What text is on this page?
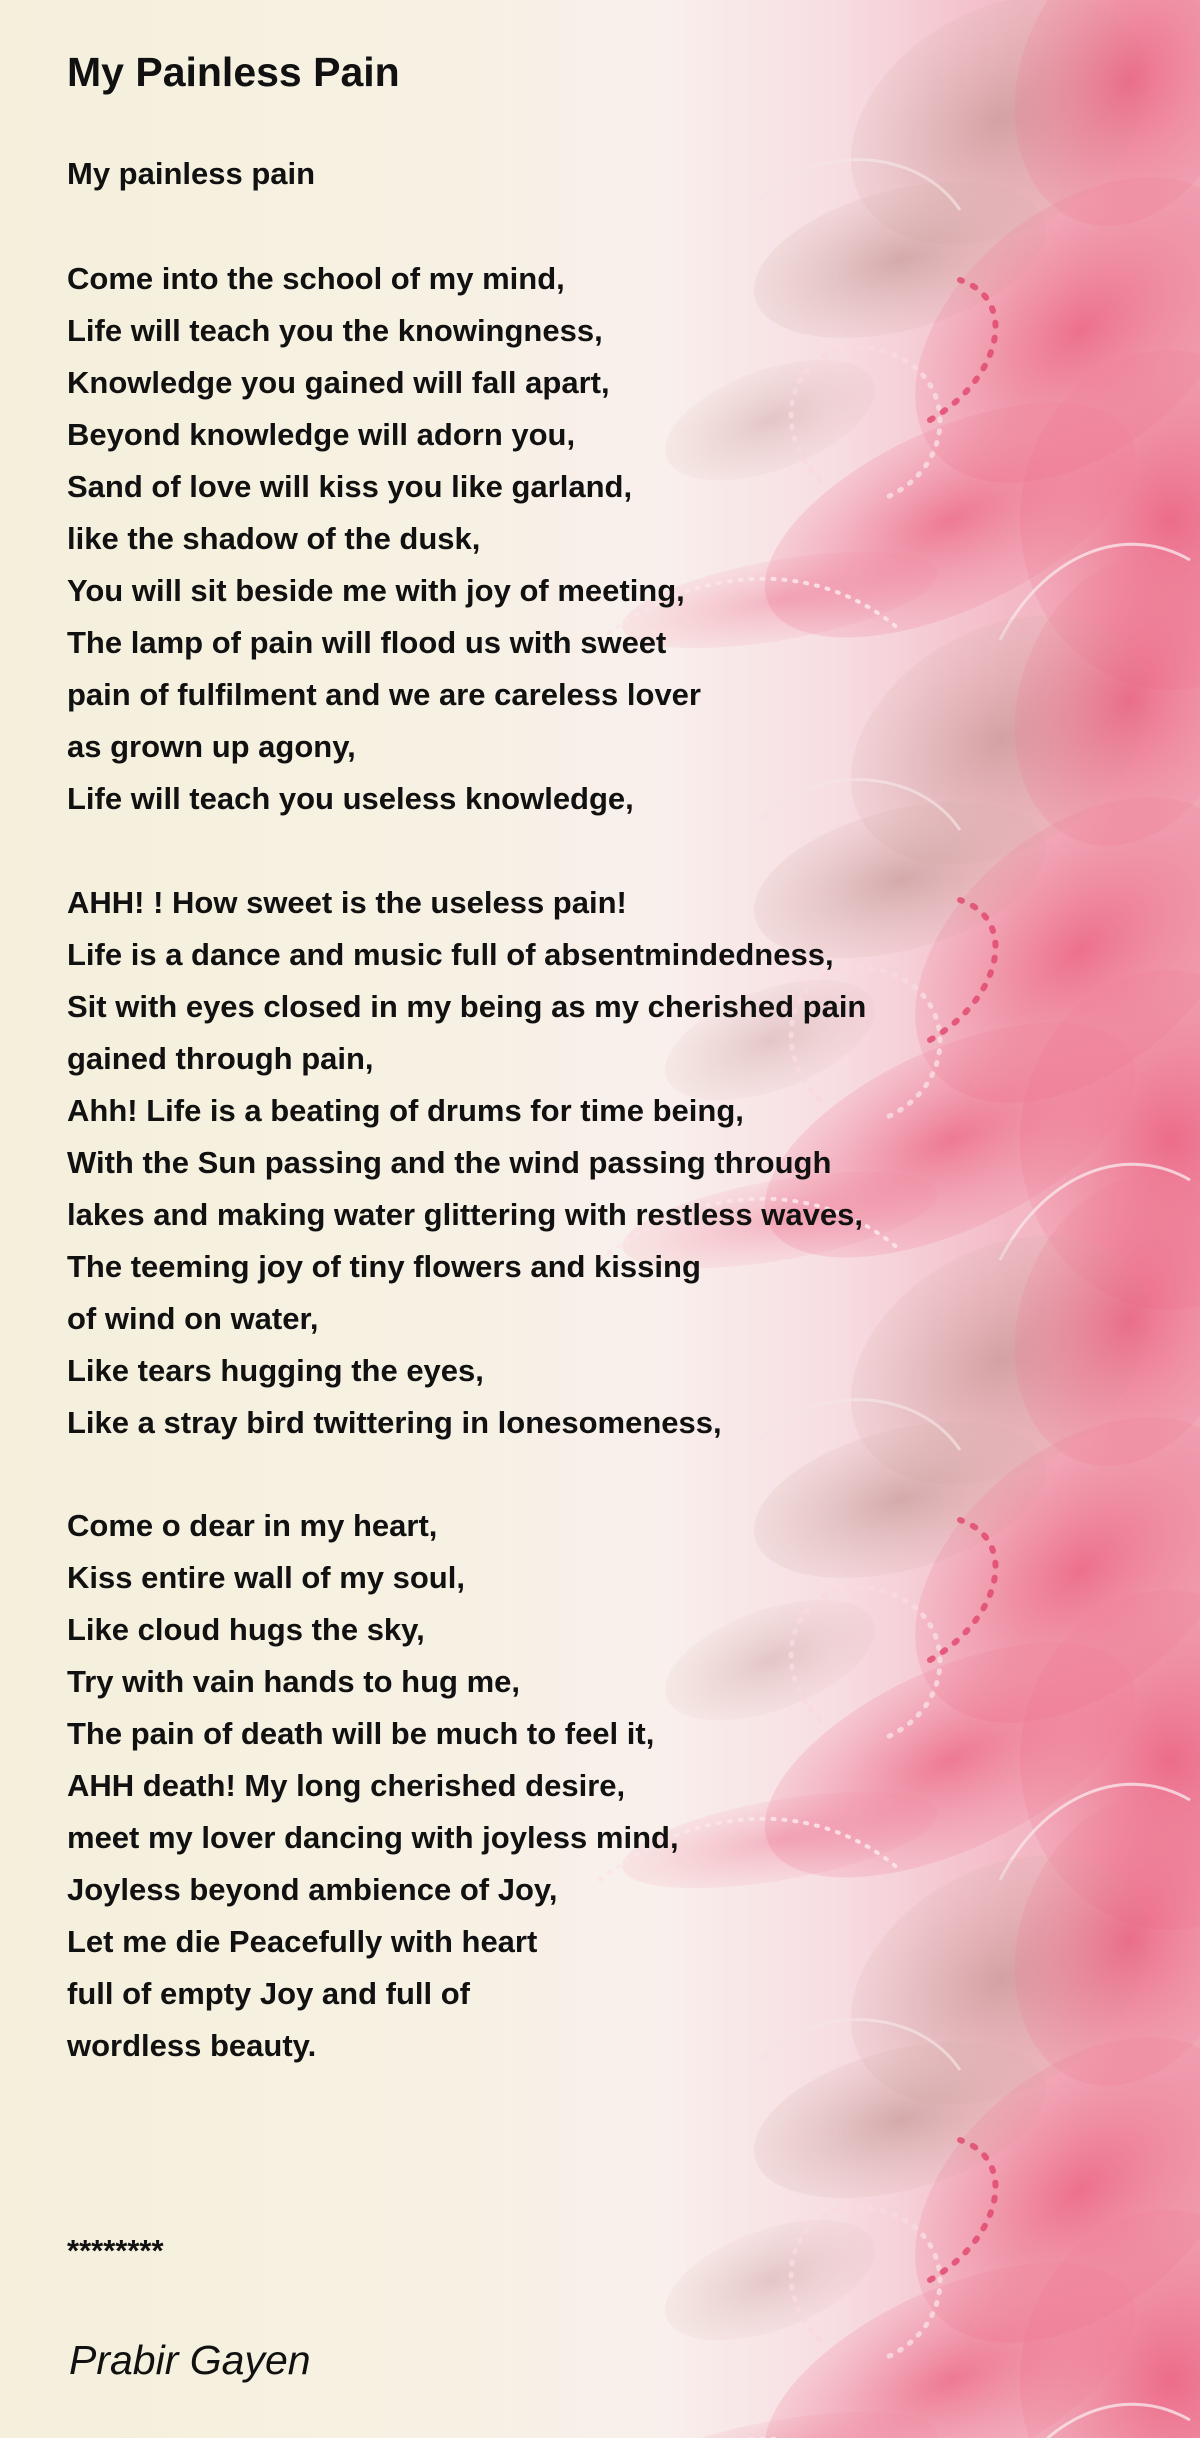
My Painless Pain
My painless pain
Come into the school of my mind,
Life will teach you the knowingness,
Knowledge you gained will fall apart,
Beyond knowledge will adorn you,
Sand of love will kiss you like garland,
like the shadow of the dusk,
You will sit beside me with joy of meeting,
The lamp of pain will flood us with sweet
pain of fulfilment and we are careless lover
as grown up agony,
Life will teach you useless knowledge,
AHH! ! How sweet is the useless pain!
Life is a dance and music full of absentmindedness,
Sit with eyes closed in my being as my cherished pain
gained through pain,
Ahh! Life is a beating of drums for time being,
With the Sun passing and the wind passing through
lakes and making water glittering with restless waves,
The teeming joy of tiny flowers and kissing
of wind on water,
Like tears hugging the eyes,
Like a stray bird twittering in lonesomeness,
Come o dear in my heart,
Kiss entire wall of my soul,
Like cloud hugs the sky,
Try with vain hands to hug me,
The pain of death will be much to feel it,
AHH death! My long cherished desire,
meet my lover dancing with joyless mind,
Joyless beyond ambience of Joy,
Let me die Peacefully with heart
full of empty Joy and full of
wordless beauty.
********
Prabir Gayen
